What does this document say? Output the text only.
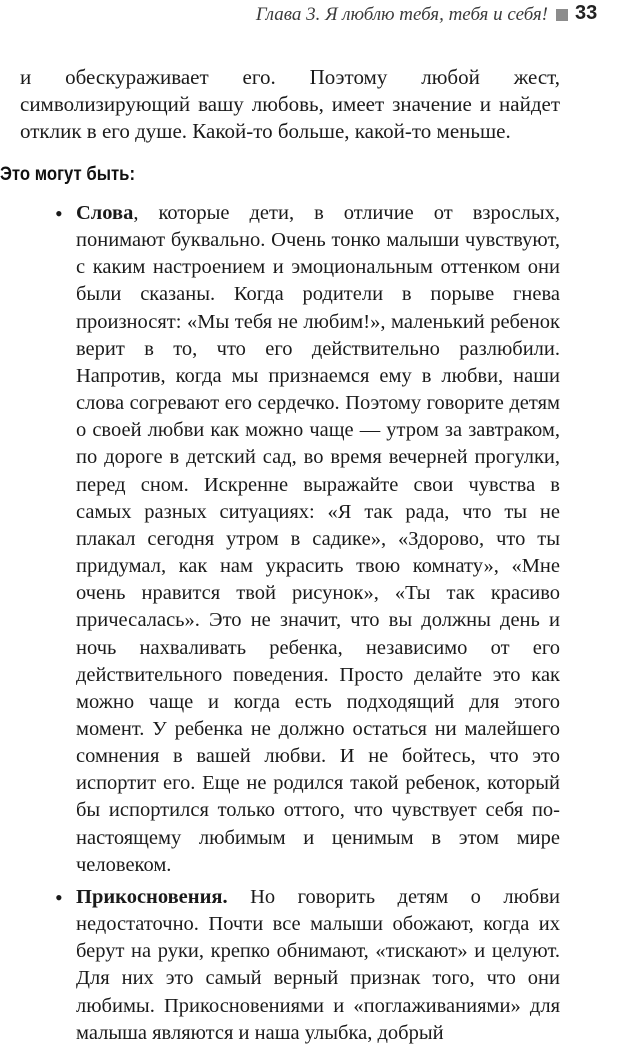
Глава 3. Я люблю тебя, тебя и себя! 33

и обескураживает его. Поэтому любой жест, символизирующий вашу любовь, имеет значение и найдет отклик в его душе. Какой-то больше, какой-то меньше.

Это могут быть:
• Слова, которые дети, в отличие от взрослых, понимают буквально. Очень тонко малыши чувствуют, с каким настроением и эмоциональным оттенком они были сказаны. Когда родители в порыве гнева произносят: «Мы тебя не любим!», маленький ребенок верит в то, что его действительно разлюбили. Напротив, когда мы признаемся ему в любви, наши слова согревают его сердечко. Поэтому говорите детям о своей любви как можно чаще — утром за завтраком, по дороге в детский сад, во время вечерней прогулки, перед сном. Искренне выражайте свои чувства в самых разных ситуациях: «Я так рада, что ты не плакал сегодня утром в садике», «Здорово, что ты придумал, как нам украсить твою комнату», «Мне очень нравится твой рисунок», «Ты так красиво причесалась». Это не значит, что вы должны день и ночь нахваливать ребенка, независимо от его действительного поведения. Просто делайте это как можно чаще и когда есть подходящий для этого момент. У ребенка не должно остаться ни малейшего сомнения в вашей любви. И не бойтесь, что это испортит его. Еще не родился такой ребенок, который бы испортился только оттого, что чувствует себя по-настоящему любимым и ценимым в этом мире человеком.
• Прикосновения. Но говорить детям о любви недостаточно. Почти все малыши обожают, когда их берут на руки, крепко обнимают, «тискают» и целуют. Для них это самый верный признак того, что они любимы. Прикосновениями и «поглаживаниями» для малыша являются и наша улыбка, добрый
